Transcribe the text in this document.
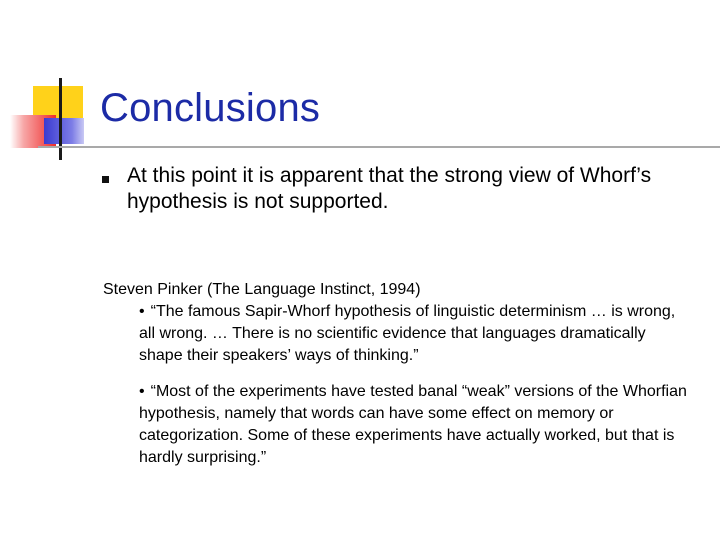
Conclusions
At this point it is apparent that the strong view of Whorf’s hypothesis is not supported.
Steven Pinker (The Language Instinct, 1994)
• “The famous Sapir-Whorf hypothesis of linguistic determinism … is wrong, all wrong. … There is no scientific evidence that languages dramatically shape their speakers’ ways of thinking.”
• “Most of the experiments have tested banal “weak” versions of the Whorfian hypothesis, namely that words can have some effect on memory or categorization. Some of these experiments have actually worked, but that is hardly surprising.”
